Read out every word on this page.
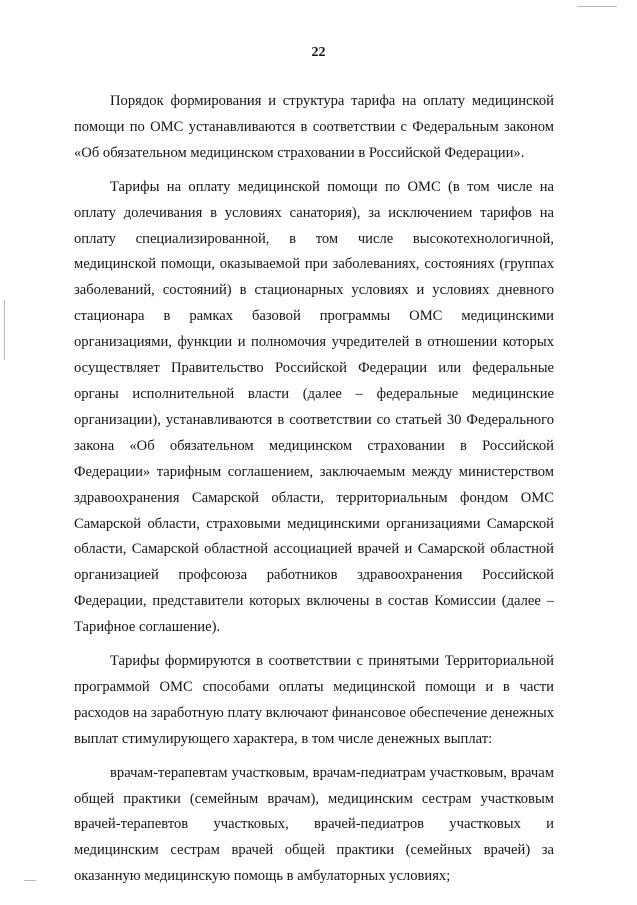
22

Порядок формирования и структура тарифа на оплату медицинской помощи по ОМС устанавливаются в соответствии с Федеральным законом «Об обязательном медицинском страховании в Российской Федерации».

Тарифы на оплату медицинской помощи по ОМС (в том числе на оплату долечивания в условиях санатория), за исключением тарифов на оплату специализированной, в том числе высокотехнологичной, медицинской помощи, оказываемой при заболеваниях, состояниях (группах заболеваний, состояний) в стационарных условиях и условиях дневного стационара в рамках базовой программы ОМС медицинскими организациями, функции и полномочия учредителей в отношении которых осуществляет Правительство Российской Федерации или федеральные органы исполнительной власти (далее – федеральные медицинские организации), устанавливаются в соответствии со статьей 30 Федерального закона «Об обязательном медицинском страховании в Российской Федерации» тарифным соглашением, заключаемым между министерством здравоохранения Самарской области, территориальным фондом ОМС Самарской области, страховыми медицинскими организациями Самарской области, Самарской областной ассоциацией врачей и Самарской областной организацией профсоюза работников здравоохранения Российской Федерации, представители которых включены в состав Комиссии (далее – Тарифное соглашение).

Тарифы формируются в соответствии с принятыми Территориальной программой ОМС способами оплаты медицинской помощи и в части расходов на заработную плату включают финансовое обеспечение денежных выплат стимулирующего характера, в том числе денежных выплат:

врачам-терапевтам участковым, врачам-педиатрам участковым, врачам общей практики (семейным врачам), медицинским сестрам участковым врачей-терапевтов участковых, врачей-педиатров участковых и медицинским сестрам врачей общей практики (семейных врачей) за оказанную медицинскую помощь в амбулаторных условиях;
